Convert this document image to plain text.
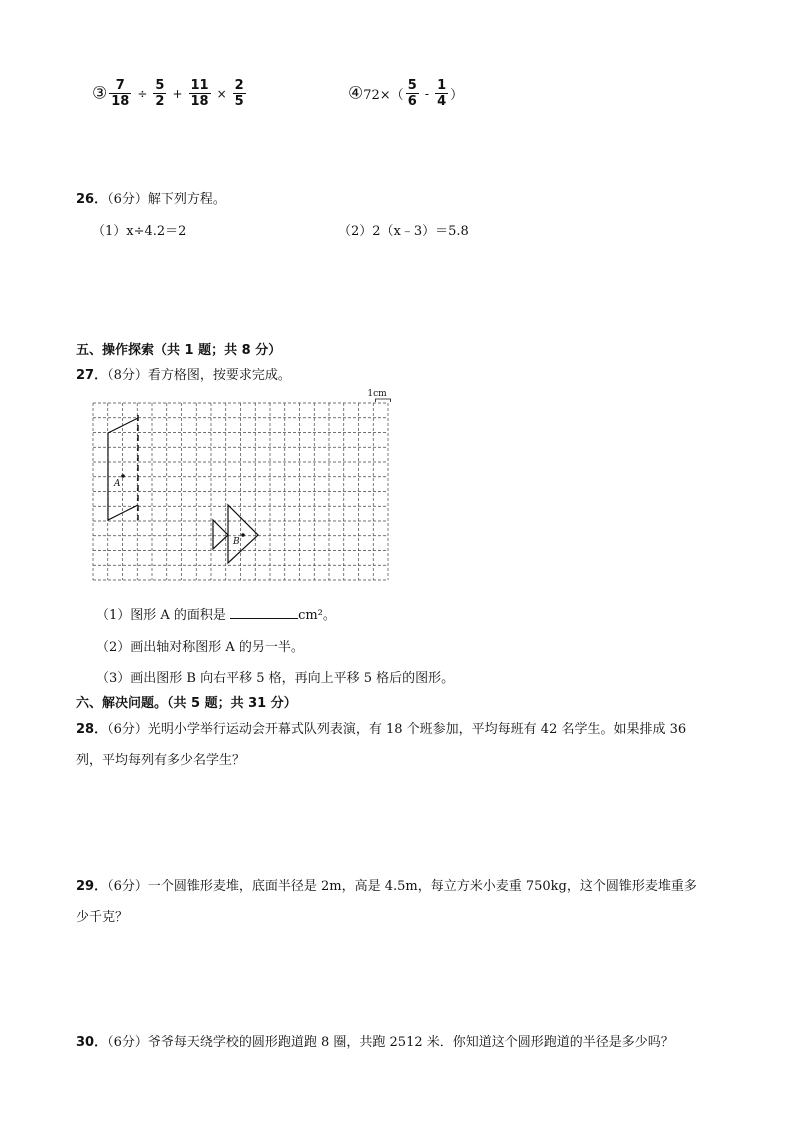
③ $\frac{7}{18} \div \frac{5}{2} + \frac{11}{18} \times \frac{2}{5}$	④72×（ $\frac{5}{6} - \frac{1}{4}$ ）
26．（6分）解下列方程。
（1）x÷4.2＝2	（2）2（x﹣3）＝5.8
五、操作探索（共 1 题；共 8 分）
27．（8分）看方格图，按要求完成。
1cm
A
B
（1）图形 A 的面积是	cm²。
（2）画出轴对称图形 A 的另一半。
（3）画出图形 B 向右平移 5 格，再向上平移 5 格后的图形。
六、解决问题。（共 5 题；共 31 分）
28．（6分）光明小学举行运动会开幕式队列表演，有 18 个班参加，平均每班有 42 名学生。如果排成 36
列，平均每列有多少名学生？
29．（6分）一个圆锥形麦堆，底面半径是 2m，高是 4.5m，每立方米小麦重 750kg，这个圆锥形麦堆重多
少千克？
30．（6分）爷爷每天绕学校的圆形跑道跑 8 圈，共跑 2512 米．你知道这个圆形跑道的半径是多少吗？
